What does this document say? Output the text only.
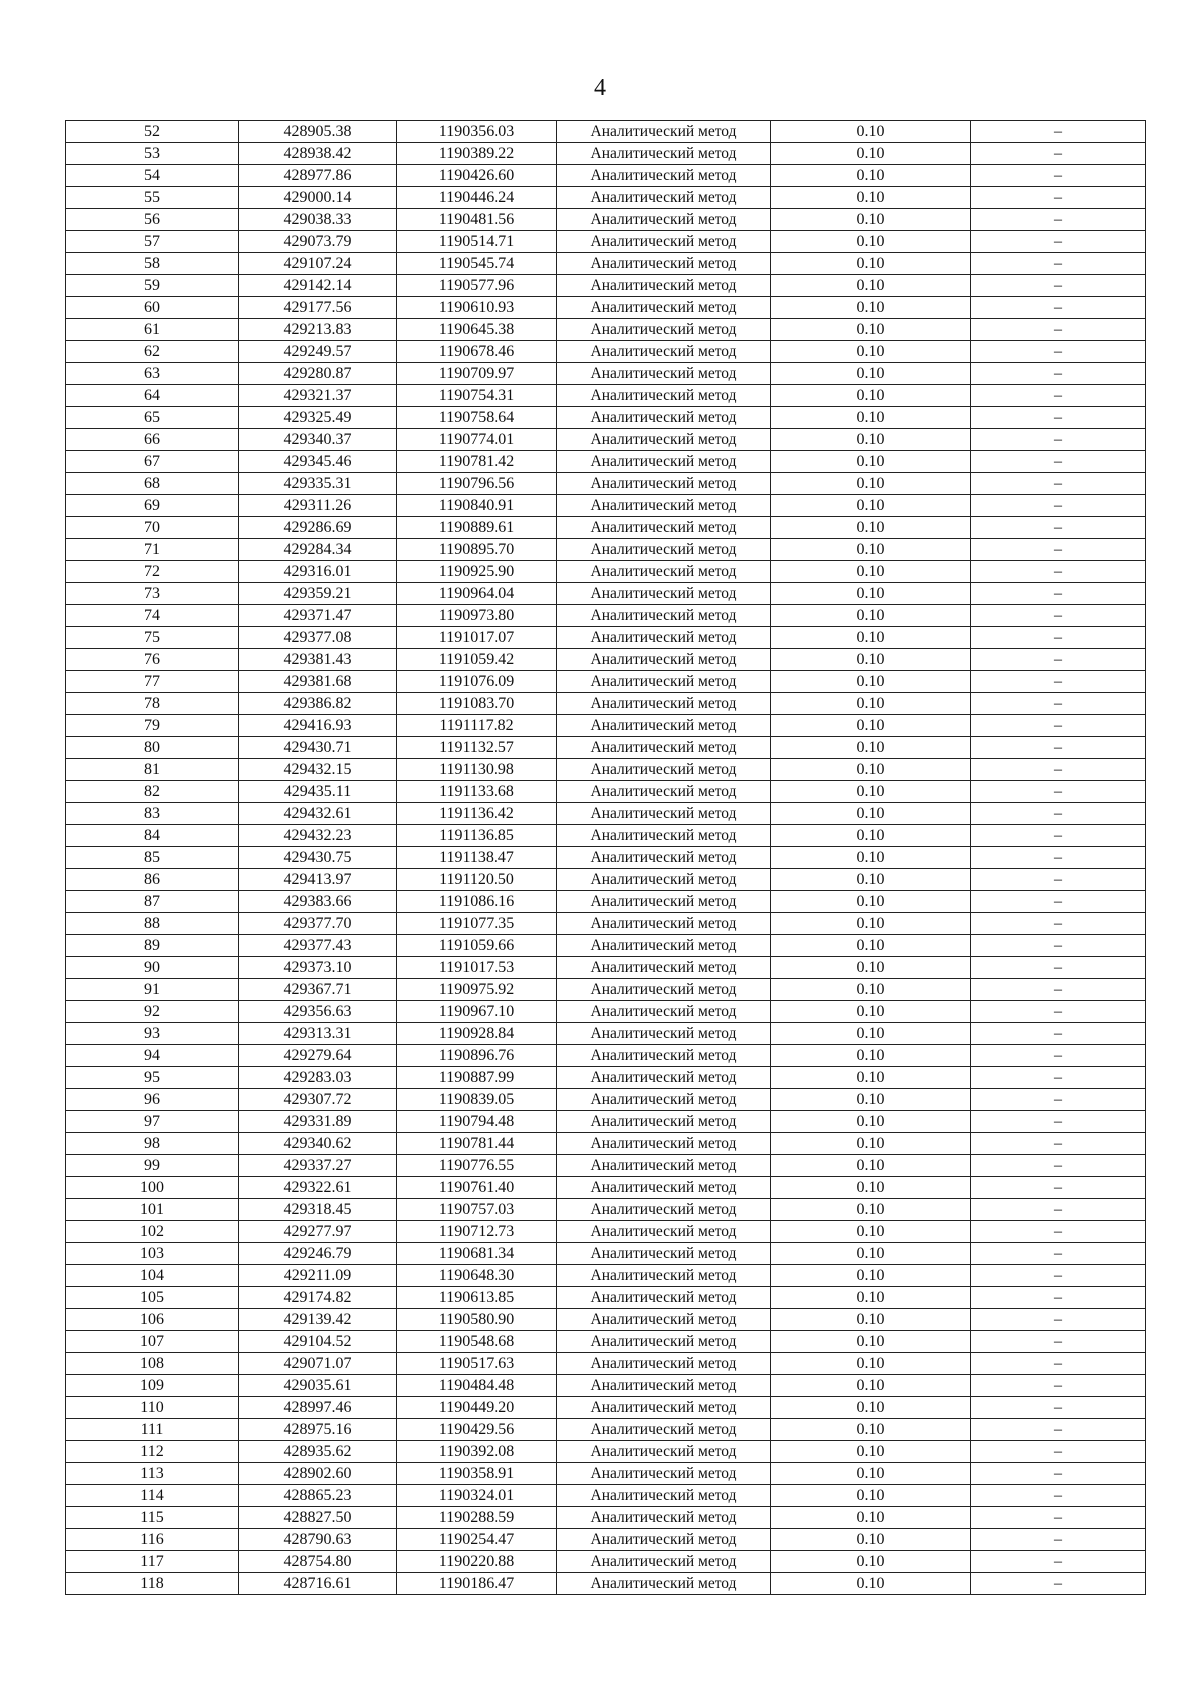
4
52	428905.38	1190356.03	Аналитический метод	0.10	–
53	428938.42	1190389.22	Аналитический метод	0.10	–
54	428977.86	1190426.60	Аналитический метод	0.10	–
55	429000.14	1190446.24	Аналитический метод	0.10	–
56	429038.33	1190481.56	Аналитический метод	0.10	–
57	429073.79	1190514.71	Аналитический метод	0.10	–
58	429107.24	1190545.74	Аналитический метод	0.10	–
59	429142.14	1190577.96	Аналитический метод	0.10	–
60	429177.56	1190610.93	Аналитический метод	0.10	–
61	429213.83	1190645.38	Аналитический метод	0.10	–
62	429249.57	1190678.46	Аналитический метод	0.10	–
63	429280.87	1190709.97	Аналитический метод	0.10	–
64	429321.37	1190754.31	Аналитический метод	0.10	–
65	429325.49	1190758.64	Аналитический метод	0.10	–
66	429340.37	1190774.01	Аналитический метод	0.10	–
67	429345.46	1190781.42	Аналитический метод	0.10	–
68	429335.31	1190796.56	Аналитический метод	0.10	–
69	429311.26	1190840.91	Аналитический метод	0.10	–
70	429286.69	1190889.61	Аналитический метод	0.10	–
71	429284.34	1190895.70	Аналитический метод	0.10	–
72	429316.01	1190925.90	Аналитический метод	0.10	–
73	429359.21	1190964.04	Аналитический метод	0.10	–
74	429371.47	1190973.80	Аналитический метод	0.10	–
75	429377.08	1191017.07	Аналитический метод	0.10	–
76	429381.43	1191059.42	Аналитический метод	0.10	–
77	429381.68	1191076.09	Аналитический метод	0.10	–
78	429386.82	1191083.70	Аналитический метод	0.10	–
79	429416.93	1191117.82	Аналитический метод	0.10	–
80	429430.71	1191132.57	Аналитический метод	0.10	–
81	429432.15	1191130.98	Аналитический метод	0.10	–
82	429435.11	1191133.68	Аналитический метод	0.10	–
83	429432.61	1191136.42	Аналитический метод	0.10	–
84	429432.23	1191136.85	Аналитический метод	0.10	–
85	429430.75	1191138.47	Аналитический метод	0.10	–
86	429413.97	1191120.50	Аналитический метод	0.10	–
87	429383.66	1191086.16	Аналитический метод	0.10	–
88	429377.70	1191077.35	Аналитический метод	0.10	–
89	429377.43	1191059.66	Аналитический метод	0.10	–
90	429373.10	1191017.53	Аналитический метод	0.10	–
91	429367.71	1190975.92	Аналитический метод	0.10	–
92	429356.63	1190967.10	Аналитический метод	0.10	–
93	429313.31	1190928.84	Аналитический метод	0.10	–
94	429279.64	1190896.76	Аналитический метод	0.10	–
95	429283.03	1190887.99	Аналитический метод	0.10	–
96	429307.72	1190839.05	Аналитический метод	0.10	–
97	429331.89	1190794.48	Аналитический метод	0.10	–
98	429340.62	1190781.44	Аналитический метод	0.10	–
99	429337.27	1190776.55	Аналитический метод	0.10	–
100	429322.61	1190761.40	Аналитический метод	0.10	–
101	429318.45	1190757.03	Аналитический метод	0.10	–
102	429277.97	1190712.73	Аналитический метод	0.10	–
103	429246.79	1190681.34	Аналитический метод	0.10	–
104	429211.09	1190648.30	Аналитический метод	0.10	–
105	429174.82	1190613.85	Аналитический метод	0.10	–
106	429139.42	1190580.90	Аналитический метод	0.10	–
107	429104.52	1190548.68	Аналитический метод	0.10	–
108	429071.07	1190517.63	Аналитический метод	0.10	–
109	429035.61	1190484.48	Аналитический метод	0.10	–
110	428997.46	1190449.20	Аналитический метод	0.10	–
111	428975.16	1190429.56	Аналитический метод	0.10	–
112	428935.62	1190392.08	Аналитический метод	0.10	–
113	428902.60	1190358.91	Аналитический метод	0.10	–
114	428865.23	1190324.01	Аналитический метод	0.10	–
115	428827.50	1190288.59	Аналитический метод	0.10	–
116	428790.63	1190254.47	Аналитический метод	0.10	–
117	428754.80	1190220.88	Аналитический метод	0.10	–
118	428716.61	1190186.47	Аналитический метод	0.10	–
